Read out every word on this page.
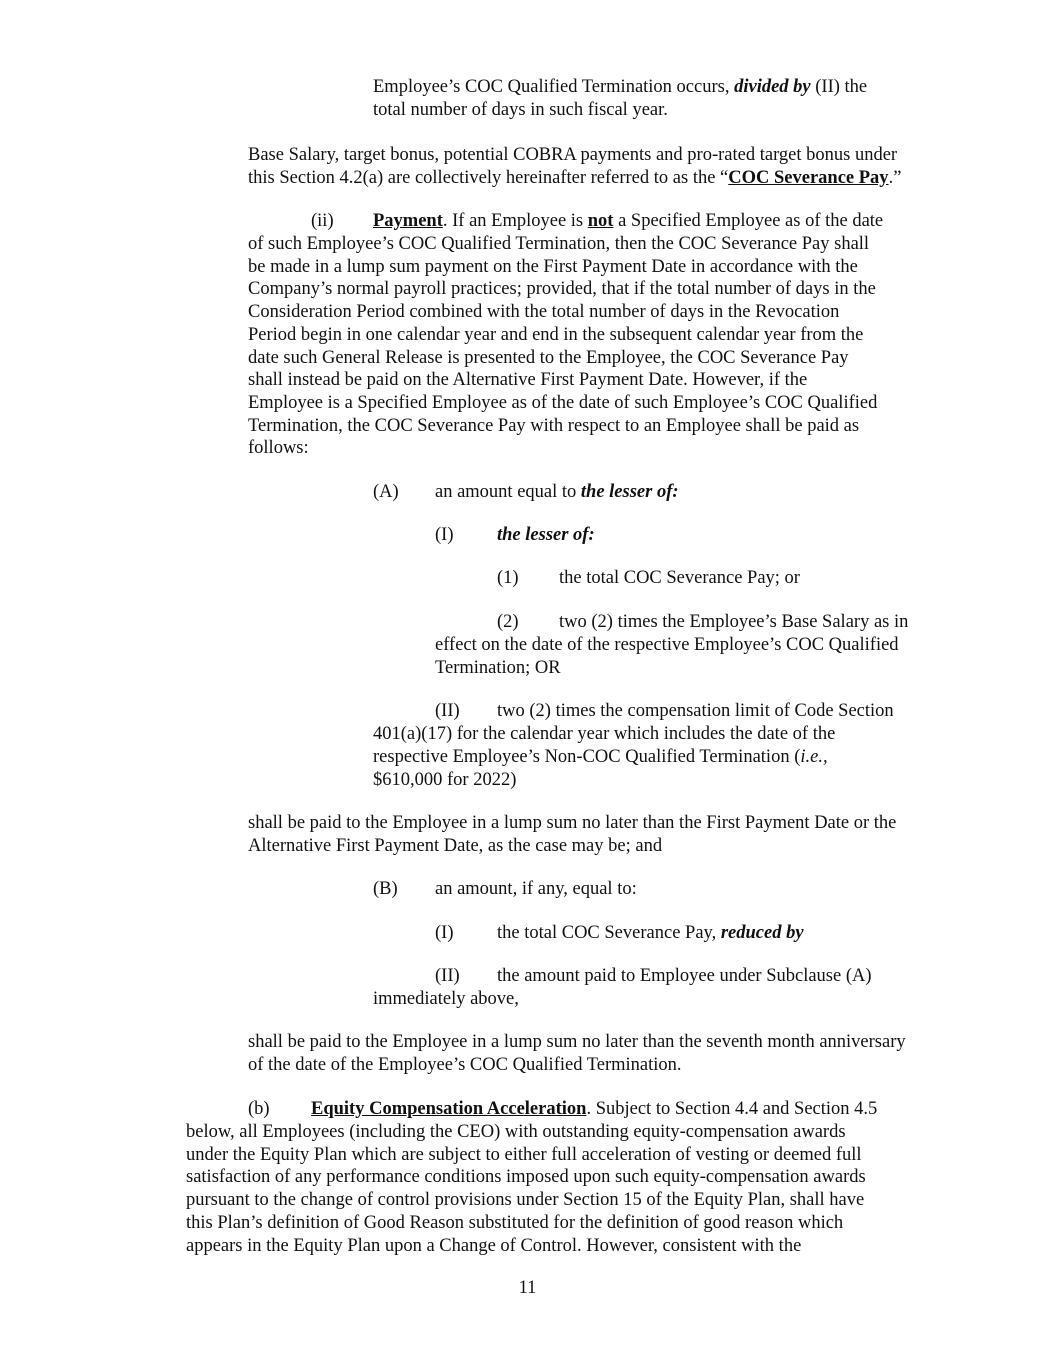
Employee’s COC Qualified Termination occurs, divided by (II) the
total number of days in such fiscal year.
Base Salary, target bonus, potential COBRA payments and pro-rated target bonus under
this Section 4.2(a) are collectively hereinafter referred to as the “COC Severance Pay.”
(ii) Payment. If an Employee is not a Specified Employee as of the date
of such Employee’s COC Qualified Termination, then the COC Severance Pay shall
be made in a lump sum payment on the First Payment Date in accordance with the
Company’s normal payroll practices; provided, that if the total number of days in the
Consideration Period combined with the total number of days in the Revocation
Period begin in one calendar year and end in the subsequent calendar year from the
date such General Release is presented to the Employee, the COC Severance Pay
shall instead be paid on the Alternative First Payment Date. However, if the
Employee is a Specified Employee as of the date of such Employee’s COC Qualified
Termination, the COC Severance Pay with respect to an Employee shall be paid as
follows:
(A) an amount equal to the lesser of:
(I) the lesser of:
(1) the total COC Severance Pay; or
(2) two (2) times the Employee’s Base Salary as in
effect on the date of the respective Employee’s COC Qualified
Termination; OR
(II) two (2) times the compensation limit of Code Section
401(a)(17) for the calendar year which includes the date of the
respective Employee’s Non-COC Qualified Termination (i.e.,
$610,000 for 2022)
shall be paid to the Employee in a lump sum no later than the First Payment Date or the
Alternative First Payment Date, as the case may be; and
(B) an amount, if any, equal to:
(I) the total COC Severance Pay, reduced by
(II) the amount paid to Employee under Subclause (A)
immediately above,
shall be paid to the Employee in a lump sum no later than the seventh month anniversary
of the date of the Employee’s COC Qualified Termination.
(b) Equity Compensation Acceleration. Subject to Section 4.4 and Section 4.5
below, all Employees (including the CEO) with outstanding equity-compensation awards
under the Equity Plan which are subject to either full acceleration of vesting or deemed full
satisfaction of any performance conditions imposed upon such equity-compensation awards
pursuant to the change of control provisions under Section 15 of the Equity Plan, shall have
this Plan’s definition of Good Reason substituted for the definition of good reason which
appears in the Equity Plan upon a Change of Control. However, consistent with the
11
